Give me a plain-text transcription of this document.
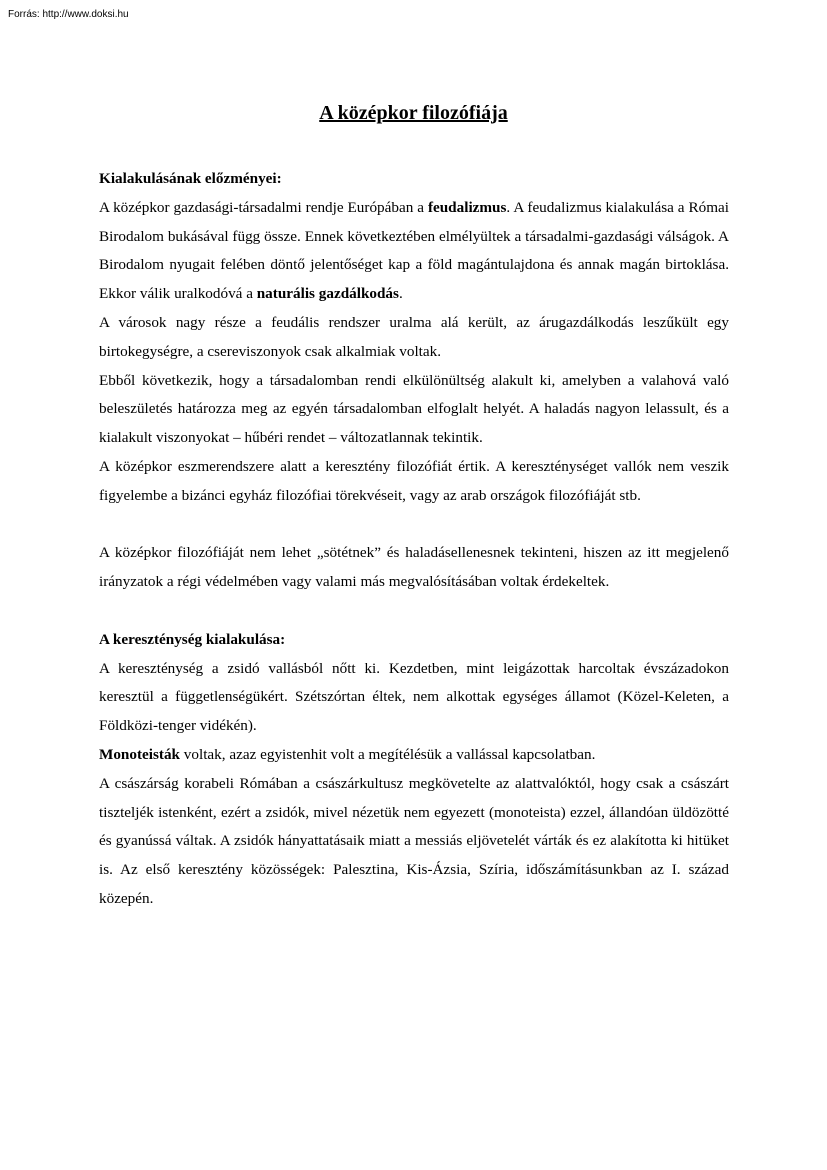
Forrás: http://www.doksi.hu
A középkor filozófiája
Kialakulásának előzményei:

A középkor gazdasági-társadalmi rendje Európában a feudalizmus. A feudalizmus kialakulása a Római Birodalom bukásával függ össze. Ennek következtében elmélyültek a társadalmi-gazdasági válságok. A Birodalom nyugait felében döntő jelentőséget kap a föld magántulajdona és annak magán birtoklása. Ekkor válik uralkodóvá a naturális gazdálkodás.

A városok nagy része a feudális rendszer uralma alá került, az árugazdálkodás leszűkült egy birtokegységre, a csereviszonyok csak alkalmiak voltak.

Ebből következik, hogy a társadalomban rendi elkülönültség alakult ki, amelyben a valahová való beleszületés határozza meg az egyén társadalomban elfoglalt helyét. A haladás nagyon lelassult, és a kialakult viszonyokat – hűbéri rendet – változatlannak tekintik.

A középkor eszmerendszere alatt a keresztény filozófiát értik. A kereszténységet vallók nem veszik figyelembe a bizánci egyház filozófiai törekvéseit, vagy az arab országok filozófiáját stb.

A középkor filozófiáját nem lehet „sötétnek” és haladásellenesnek tekinteni, hiszen az itt megjelenő irányzatok a régi védelmében vagy valami más megvalósításában voltak érdekeltek.

A kereszténység kialakulása:

A kereszténység a zsidó vallásból nőtt ki. Kezdetben, mint leigázottak harcoltak évszázadokon keresztül a függetlenségükért. Szétszórtan éltek, nem alkottak egységes államot (Közel-Keleten, a Földközi-tenger vidékén).

Monoteisták voltak, azaz egyistenhit volt a megítélésük a vallással kapcsolatban.

A császárság korabeli Rómában a császárkultusz megkövetelte az alattvalóktól, hogy csak a császárt tiszteljék istenként, ezért a zsidók, mivel nézetük nem egyezett (monoteista) ezzel, állandóan üldözötté és gyanússá váltak. A zsidók hányattatásaik miatt a messiás eljövetelét várták és ez alakította ki hitüket is. Az első keresztény közösségek: Palesztina, Kis-Ázsia, Szíria, időszámításunkban az I. század közepén.
